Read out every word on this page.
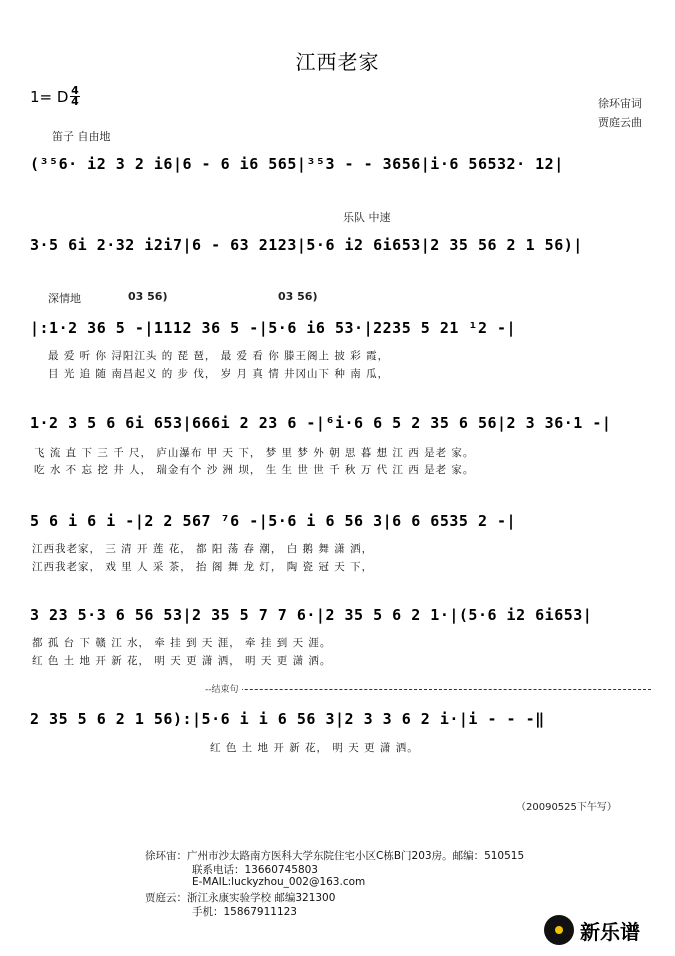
江西老家
1= D 4
4	徐环宙词
贾庭云曲
笛子 自由地
(³⁵6· i2 3 2 i6|6 - 6 i6 565|³⁵3 - - 3656|i·6 56532· 12|
乐队 中速
3·5 6i 2·32 i2i7|6 - 63 2123|5·6 i2 6i653|2 35 56 2 1 56)|
深情地	03 56)	03 56)
|:1·2 36 5 -|1112 36 5 -|5·6 i6 53·|2235 5 21 ¹2 -|
最 爱 听 你 浔阳江头 的 琵 琶， 最 爱 看 你 滕王阁上 披 彩 霞，
目 光 追 随 南昌起义 的 步 伐， 岁 月 真 情 井冈山下 种 南 瓜，
1·2 3 5 6 6i 653|666i 2 23 6 -|⁶i·6 6 5 2 35 6 56|2 3 36·1 -|
飞 流 直 下 三 千 尺， 庐山瀑布 甲 天 下， 梦 里 梦 外 朝 思 暮 想 江 西 是老 家。
吃 水 不 忘 挖 井 人， 瑞金有个 沙 洲 坝， 生 生 世 世 千 秋 万 代 江 西 是老 家。
5 6 i 6 i -|2 2 567 ⁷6 -|5·6 i 6 56 3|6 6 6535 2 -|
江西我老家， 三 清 开 莲 花， 都 阳 荡 春 潮， 白 鹅 舞 潇 洒，
江西我老家， 戏 里 人 采 茶， 抬 阁 舞 龙 灯， 陶 瓷 冠 天 下，
3 23 5·3 6 56 53|2 35 5 7 7 6·|2 35 5 6 2 1·|(5·6 i2 6i653|
都 孤 台 下 赣 江 水， 牵 挂 到 天 涯， 牵 挂 到 天 涯。
红 色 土 地 开 新 花， 明 天 更 潇 洒， 明 天 更 潇 洒。
--结束句
2 35 5 6 2 1 56):|5·6 i i 6 56 3|2 3 3 6 2 i·|i - - -‖
红 色 土 地 开 新 花， 明 天 更 潇 洒。
（20090525下午写）
徐环宙：广州市沙太路南方医科大学东院住宅小区C栋B门203房。邮编：510515
联系电话：13660745803
E-MAIL:luckyzhou_002@163.com
贾庭云：浙江永康实验学校 邮编321300
手机：15867911123
新乐谱
